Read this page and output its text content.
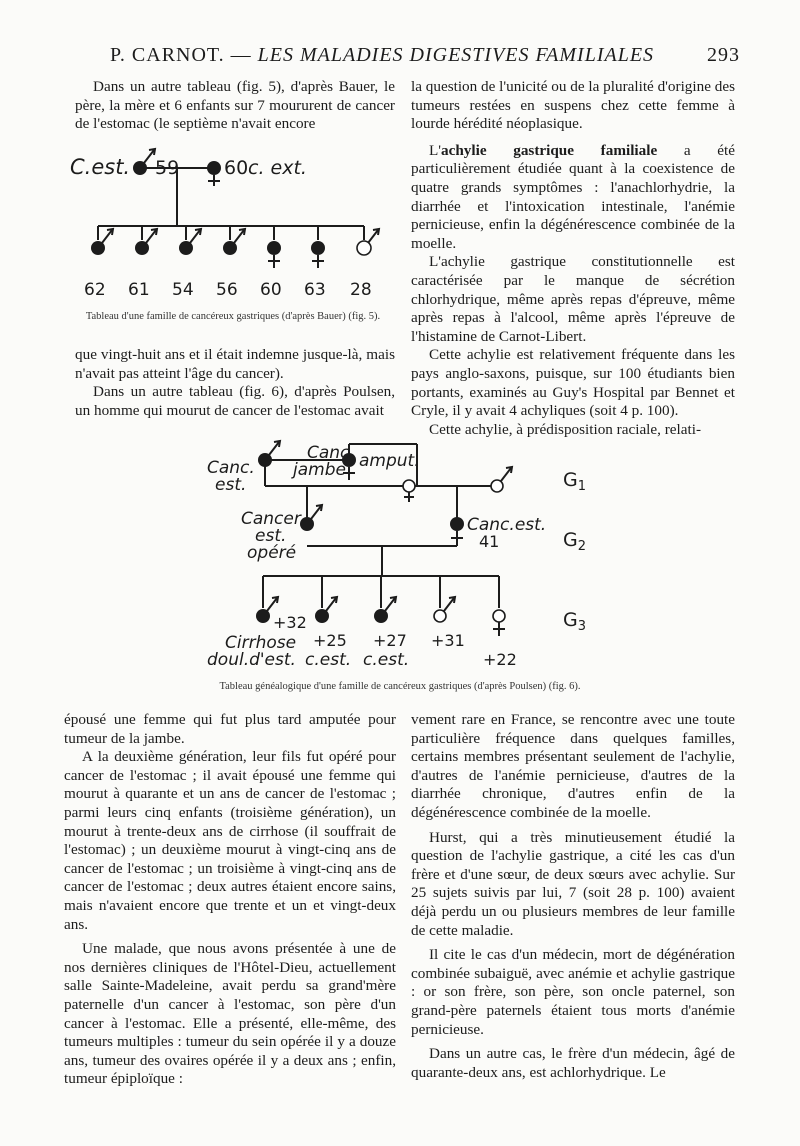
P. CARNOT. — LES MALADIES DIGESTIVES FAMILIALES	293

Dans un autre tableau (fig. 5), d'après Bauer, le père, la mère et 6 enfants sur 7 moururent de cancer de l'estomac (le septième n'avait encore

C.est. 59 60 c. ext.
62 61 54 56 60 63 28
Tableau d'une famille de cancéreux gastriques (d'après Bauer) (fig. 5).

que vingt-huit ans et il était indemne jusque-là, mais n'avait pas atteint l'âge du cancer).

Dans un autre tableau (fig. 6), d'après Poulsen, un homme qui mourut de cancer de l'estomac avait

la question de l'unicité ou de la pluralité d'origine des tumeurs restées en suspens chez cette femme à lourde hérédité néoplasique.

L'achylie gastrique familiale a été particulièrement étudiée quant à la coexistence de quatre grands symptômes : l'anachlorhydrie, la diarrhée et l'intoxication intestinale, l'anémie pernicieuse, enfin la dégénérescence combinée de la moelle.

L'achylie gastrique constitutionnelle est caractérisée par le manque de sécrétion chlorhydrique, même après repas d'épreuve, même après repas à l'alcool, même après l'épreuve de l'histamine de Carnot-Libert.

Cette achylie est relativement fréquente dans les pays anglo-saxons, puisque, sur 100 étudiants bien portants, examinés au Guy's Hospital par Bennet et Cryle, il y avait 4 achyliques (soit 4 p. 100).

Cette achylie, à prédisposition raciale, relati-

Canc.
est.
Canc
jambe amput.
Cancer
est.
opéré
Canc.est.
Cirrhose
doul.d'est. c.est. c.est.
41
+32
+25 +27 +31
+22
$G_1$
$G_2$
$G_3$
Tableau généalogique d'une famille de cancéreux gastriques (d'après Poulsen) (fig. 6).

épousé une femme qui fut plus tard amputée pour tumeur de la jambe.

A la deuxième génération, leur fils fut opéré pour cancer de l'estomac ; il avait épousé une femme qui mourut à quarante et un ans de cancer de l'estomac ; parmi leurs cinq enfants (troisième génération), un mourut à trente-deux ans de cirrhose (il souffrait de l'estomac) ; un deuxième mourut à vingt-cinq ans de cancer de l'estomac ; un troisième à vingt-cinq ans de cancer de l'estomac ; deux autres étaient encore sains, mais n'avaient encore que trente et un et vingt-deux ans.

Une malade, que nous avons présentée à une de nos dernières cliniques de l'Hôtel-Dieu, actuellement salle Sainte-Madeleine, avait perdu sa grand'mère paternelle d'un cancer à l'estomac, son père d'un cancer à l'estomac. Elle a présenté, elle-même, des tumeurs multiples : tumeur du sein opérée il y a douze ans, tumeur des ovaires opérée il y a deux ans ; enfin, tumeur épiploïque :

vement rare en France, se rencontre avec une toute particulière fréquence dans quelques familles, certains membres présentant seulement de l'achylie, d'autres de l'anémie pernicieuse, d'autres de la diarrhée chronique, d'autres enfin de la dégénérescence combinée de la moelle.

Hurst, qui a très minutieusement étudié la question de l'achylie gastrique, a cité les cas d'un frère et d'une sœur, de deux sœurs avec achylie. Sur 25 sujets suivis par lui, 7 (soit 28 p. 100) avaient déjà perdu un ou plusieurs membres de leur famille de cette maladie.

Il cite le cas d'un médecin, mort de dégénération combinée subaiguë, avec anémie et achylie gastrique : or son frère, son père, son oncle paternel, son grand-père paternels étaient tous morts d'anémie pernicieuse.

Dans un autre cas, le frère d'un médecin, âgé de quarante-deux ans, est achlorhydrique. Le
